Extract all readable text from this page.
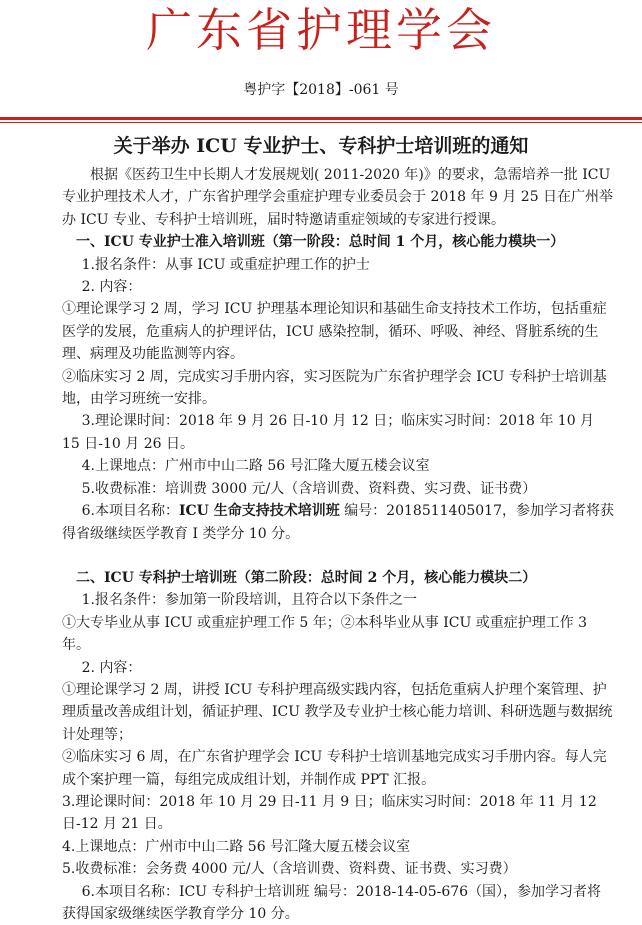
广东省护理学会
粤护字【2018】-061 号
关于举办 ICU 专业护士、专科护士培训班的通知

根据《医药卫生中长期人才发展规划( 2011-2020 年)》的要求，急需培养一批 ICU 专业护理技术人才，广东省护理学会重症护理专业委员会于 2018 年 9 月 25 日在广州举办 ICU 专业、专科护士培训班，届时特邀请重症领域的专家进行授课。

一、ICU 专业护士准入培训班（第一阶段：总时间 1 个月，核心能力模块一）

1.报名条件：从事 ICU 或重症护理工作的护士

2. 内容：

①理论课学习 2 周，学习 ICU 护理基本理论知识和基础生命支持技术工作坊，包括重症医学的发展，危重病人的护理评估，ICU 感染控制，循环、呼吸、神经、肾脏系统的生理、病理及功能监测等内容。

②临床实习 2 周，完成实习手册内容，实习医院为广东省护理学会 ICU 专科护士培训基地，由学习班统一安排。

3.理论课时间：2018 年 9 月 26 日-10 月 12 日；临床实习时间：2018 年 10 月 15 日-10 月 26 日。

4.上课地点：广州市中山二路 56 号汇隆大厦五楼会议室

5.收费标准：培训费 3000 元/人（含培训费、资料费、实习费、证书费）

6.本项目名称：ICU 生命支持技术培训班 编号：2018511405017，参加学习者将获得省级继续医学教育 I 类学分 10 分。

二、ICU 专科护士培训班（第二阶段：总时间 2 个月，核心能力模块二）

1.报名条件：参加第一阶段培训，且符合以下条件之一

①大专毕业从事 ICU 或重症护理工作 5 年；②本科毕业从事 ICU 或重症护理工作 3 年。

2. 内容：

①理论课学习 2 周，讲授 ICU 专科护理高级实践内容，包括危重病人护理个案管理、护理质量改善成组计划，循证护理、ICU 教学及专业护士核心能力培训、科研选题与数据统计处理等；

②临床实习 6 周，在广东省护理学会 ICU 专科护士培训基地完成实习手册内容。每人完成个案护理一篇，每组完成成组计划，并制作成 PPT 汇报。

3.理论课时间：2018 年 10 月 29 日-11 月 9 日；临床实习时间：2018 年 11 月 12 日-12 月 21 日。

4.上课地点：广州市中山二路 56 号汇隆大厦五楼会议室

5.收费标准：会务费 4000 元/人（含培训费、资料费、证书费、实习费）

6.本项目名称：ICU 专科护士培训班 编号：2018-14-05-676（国），参加学习者将获得国家级继续医学教育学分 10 分。
